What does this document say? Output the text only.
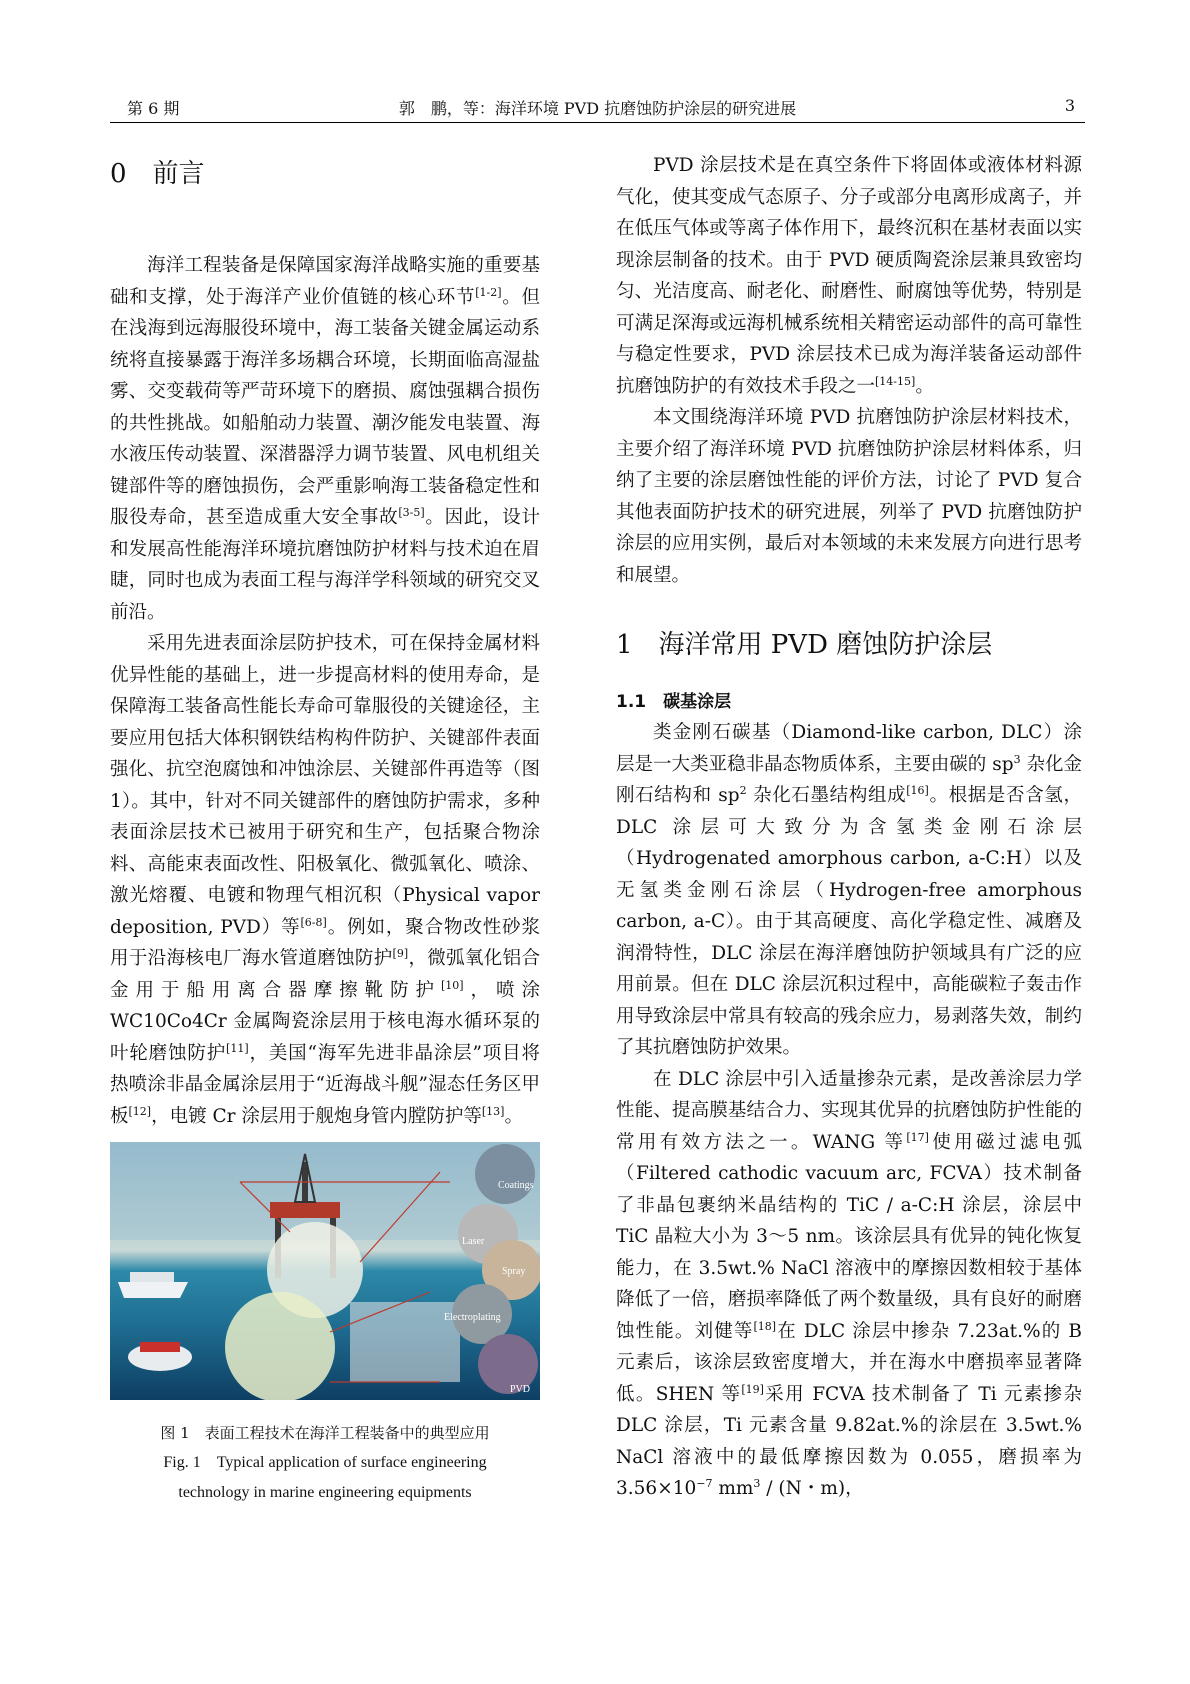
第 6 期	郭　鹏，等：海洋环境 PVD 抗磨蚀防护涂层的研究进展	3
0　前言

海洋工程装备是保障国家海洋战略实施的重要基础和支撑，处于海洋产业价值链的核心环节[1-2]。但在浅海到远海服役环境中，海工装备关键金属运动系统将直接暴露于海洋多场耦合环境，长期面临高湿盐雾、交变载荷等严苛环境下的磨损、腐蚀强耦合损伤的共性挑战。如船舶动力装置、潮汐能发电装置、海水液压传动装置、深潜器浮力调节装置、风电机组关键部件等的磨蚀损伤，会严重影响海工装备稳定性和服役寿命，甚至造成重大安全事故[3-5]。因此，设计和发展高性能海洋环境抗磨蚀防护材料与技术迫在眉睫，同时也成为表面工程与海洋学科领域的研究交叉前沿。

采用先进表面涂层防护技术，可在保持金属材料优异性能的基础上，进一步提高材料的使用寿命，是保障海工装备高性能长寿命可靠服役的关键途径，主要应用包括大体积钢铁结构构件防护、关键部件表面强化、抗空泡腐蚀和冲蚀涂层、关键部件再造等（图 1）。其中，针对不同关键部件的磨蚀防护需求，多种表面涂层技术已被用于研究和生产，包括聚合物涂料、高能束表面改性、阳极氧化、微弧氧化、喷涂、激光熔覆、电镀和物理气相沉积（Physical vapor deposition, PVD）等[6-8]。例如，聚合物改性砂浆用于沿海核电厂海水管道磨蚀防护[9]，微弧氧化铝合金用于船用离合器摩擦靴防护[10]，喷涂 WC10Co4Cr 金属陶瓷涂层用于核电海水循环泵的叶轮磨蚀防护[11]，美国“海军先进非晶涂层”项目将热喷涂非晶金属涂层用于“近海战斗舰”湿态任务区甲板[12]，电镀 Cr 涂层用于舰炮身管内膛防护等[13]。

Coatings
Laser
Spray
Electroplating
PVD
图 1　表面工程技术在海洋工程装备中的典型应用
Fig. 1　Typical application of surface engineering
technology in marine engineering equipments

PVD 涂层技术是在真空条件下将固体或液体材料源气化，使其变成气态原子、分子或部分电离形成离子，并在低压气体或等离子体作用下，最终沉积在基材表面以实现涂层制备的技术。由于 PVD 硬质陶瓷涂层兼具致密均匀、光洁度高、耐老化、耐磨性、耐腐蚀等优势，特别是可满足深海或远海机械系统相关精密运动部件的高可靠性与稳定性要求，PVD 涂层技术已成为海洋装备运动部件抗磨蚀防护的有效技术手段之一[14-15]。

本文围绕海洋环境 PVD 抗磨蚀防护涂层材料技术，主要介绍了海洋环境 PVD 抗磨蚀防护涂层材料体系，归纳了主要的涂层磨蚀性能的评价方法，讨论了 PVD 复合其他表面防护技术的研究进展，列举了 PVD 抗磨蚀防护涂层的应用实例，最后对本领域的未来发展方向进行思考和展望。

1　海洋常用 PVD 磨蚀防护涂层
1.1　碳基涂层

类金刚石碳基（Diamond-like carbon, DLC）涂层是一大类亚稳非晶态物质体系，主要由碳的 $sp^3$ 杂化金刚石结构和 $sp^2$ 杂化石墨结构组成[16]。根据是否含氢，DLC 涂层可大致分为含氢类金刚石涂层（Hydrogenated amorphous carbon, a-C:H）以及无氢类金刚石涂层（Hydrogen-free amorphous carbon, a-C）。由于其高硬度、高化学稳定性、减磨及润滑特性，DLC 涂层在海洋磨蚀防护领域具有广泛的应用前景。但在 DLC 涂层沉积过程中，高能碳粒子轰击作用导致涂层中常具有较高的残余应力，易剥落失效，制约了其抗磨蚀防护效果。

在 DLC 涂层中引入适量掺杂元素，是改善涂层力学性能、提高膜基结合力、实现其优异的抗磨蚀防护性能的常用有效方法之一。WANG 等[17]使用磁过滤电弧（Filtered cathodic vacuum arc, FCVA）技术制备了非晶包裹纳米晶结构的 TiC / a-C:H 涂层，涂层中 TiC 晶粒大小为 3～5 nm。该涂层具有优异的钝化恢复能力，在 3.5wt.% NaCl 溶液中的摩擦因数相较于基体降低了一倍，磨损率降低了两个数量级，具有良好的耐磨蚀性能。刘健等[18]在 DLC 涂层中掺杂 7.23at.%的 B 元素后，该涂层致密度增大，并在海水中磨损率显著降低。SHEN 等[19]采用 FCVA 技术制备了 Ti 元素掺杂 DLC 涂层，Ti 元素含量 9.82at.%的涂层在 3.5wt.% NaCl 溶液中的最低摩擦因数为 0.055，磨损率为 $3.56\times 10^{-7}$ $mm^3 / (N$・m)，
